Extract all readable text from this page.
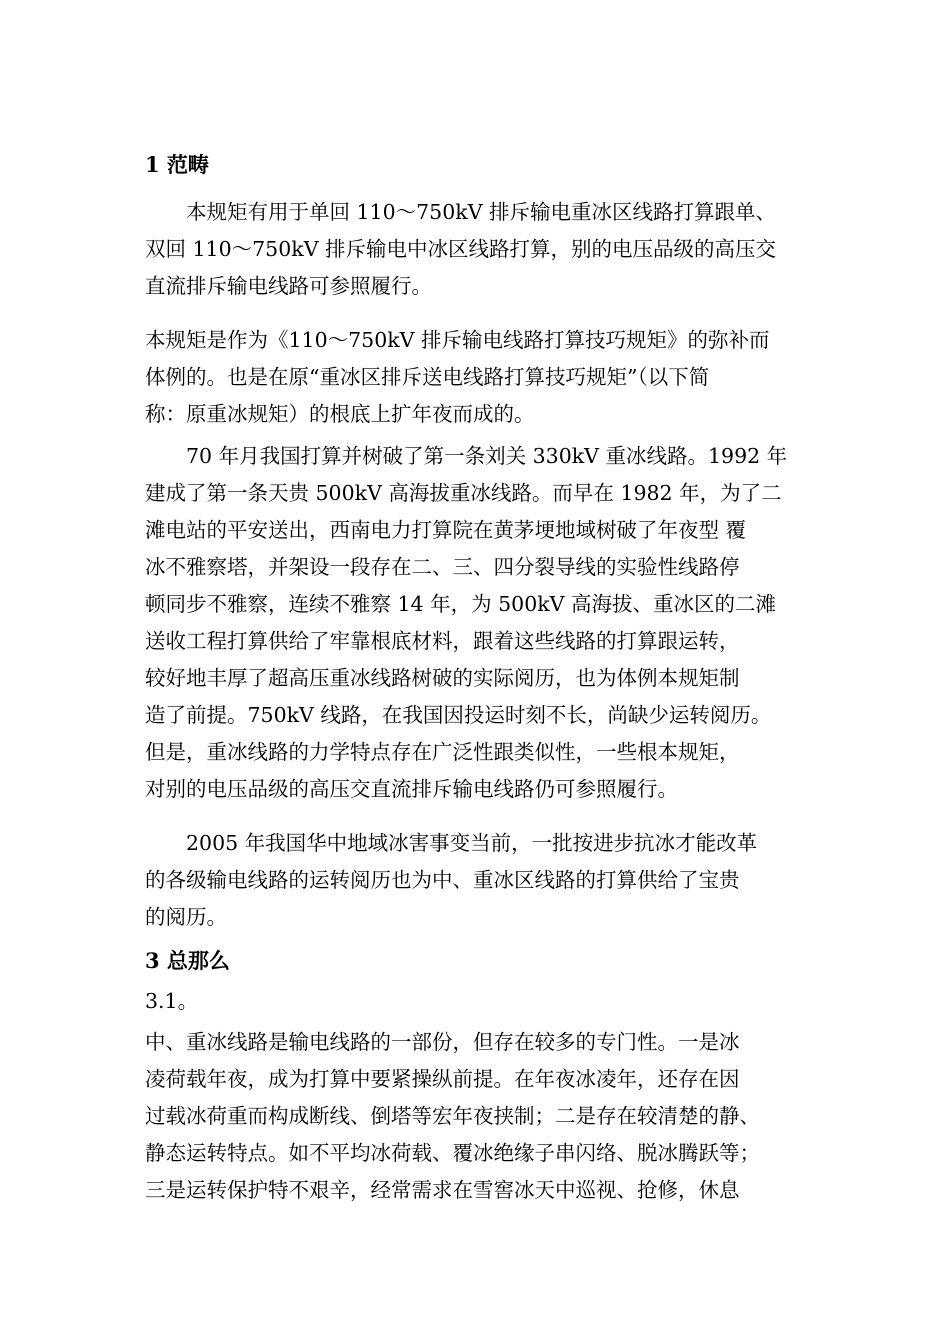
1 范畴
本规矩有用于单回 110～750kV 排斥输电重冰区线路打算跟单、
双回 110～750kV 排斥输电中冰区线路打算，别的电压品级的高压交
直流排斥输电线路可参照履行。
本规矩是作为《110～750kV 排斥输电线路打算技巧规矩》的弥补而
体例的。也是在原“重冰区排斥送电线路打算技巧规矩”（以下简
称：原重冰规矩）的根底上扩年夜而成的。
70 年月我国打算并树破了第一条刘关 330kV 重冰线路。1992 年
建成了第一条天贵 500kV 高海拔重冰线路。而早在 1982 年，为了二
滩电站的平安送出，西南电力打算院在黄茅埂地域树破了年夜型 覆
冰不雅察塔，并架设一段存在二、三、四分裂导线的实验性线路停
顿同步不雅察，连续不雅察 14 年，为 500kV 高海拔、重冰区的二滩
送收工程打算供给了牢靠根底材料，跟着这些线路的打算跟运转，
较好地丰厚了超高压重冰线路树破的实际阅历，也为体例本规矩制
造了前提。750kV 线路，在我国因投运时刻不长，尚缺少运转阅历。
但是，重冰线路的力学特点存在广泛性跟类似性，一些根本规矩，
对别的电压品级的高压交直流排斥输电线路仍可参照履行。
2005 年我国华中地域冰害事变当前，一批按进步抗冰才能改革
的各级输电线路的运转阅历也为中、重冰区线路的打算供给了宝贵
的阅历。
3 总那么
3.1。
中、重冰线路是输电线路的一部份，但存在较多的专门性。一是冰
凌荷载年夜，成为打算中要紧操纵前提。在年夜冰凌年，还存在因
过载冰荷重而构成断线、倒塔等宏年夜挟制；二是存在较清楚的静、
静态运转特点。如不平均冰荷载、覆冰绝缘子串闪络、脱冰腾跃等；
三是运转保护特不艰辛，经常需求在雪窖冰天中巡视、抢修，休息
